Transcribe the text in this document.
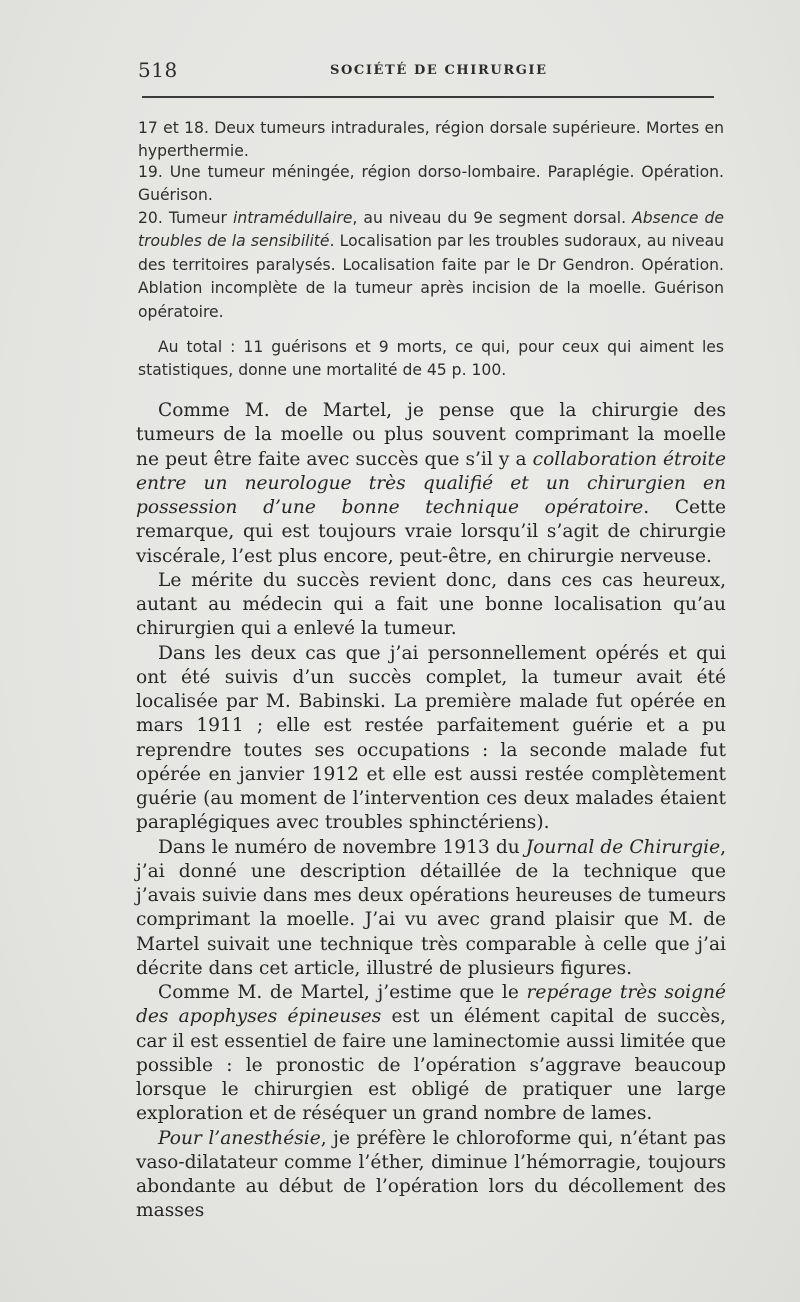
518	SOCIÉTÉ DE CHIRURGIE

17 et 18. Deux tumeurs intradurales, région dorsale supérieure. Mortes en hyperthermie.

19. Une tumeur méningée, région dorso-lombaire. Paraplégie. Opération. Guérison.

20. Tumeur intramédullaire, au niveau du 9e segment dorsal. Absence de troubles de la sensibilité. Localisation par les troubles sudoraux, au niveau des territoires paralysés. Localisation faite par le Dr Gendron. Opération. Ablation incomplète de la tumeur après incision de la moelle. Guérison opératoire.

Au total : 11 guérisons et 9 morts, ce qui, pour ceux qui aiment les statistiques, donne une mortalité de 45 p. 100.

Comme M. de Martel, je pense que la chirurgie des tumeurs de la moelle ou plus souvent comprimant la moelle ne peut être faite avec succès que s’il y a collaboration étroite entre un neurologue très qualifié et un chirurgien en possession d’une bonne technique opératoire. Cette remarque, qui est toujours vraie lorsqu’il s’agit de chirurgie viscérale, l’est plus encore, peut-être, en chirurgie nerveuse.

Le mérite du succès revient donc, dans ces cas heureux, autant au médecin qui a fait une bonne localisation qu’au chirurgien qui a enlevé la tumeur.

Dans les deux cas que j’ai personnellement opérés et qui ont été suivis d’un succès complet, la tumeur avait été localisée par M. Babinski. La première malade fut opérée en mars 1911 ; elle est restée parfaitement guérie et a pu reprendre toutes ses occupations : la seconde malade fut opérée en janvier 1912 et elle est aussi restée complètement guérie (au moment de l’intervention ces deux malades étaient paraplégiques avec troubles sphinctériens).

Dans le numéro de novembre 1913 du Journal de Chirurgie, j’ai donné une description détaillée de la technique que j’avais suivie dans mes deux opérations heureuses de tumeurs comprimant la moelle. J’ai vu avec grand plaisir que M. de Martel suivait une technique très comparable à celle que j’ai décrite dans cet article, illustré de plusieurs figures.

Comme M. de Martel, j’estime que le repérage très soigné des apophyses épineuses est un élément capital de succès, car il est essentiel de faire une laminectomie aussi limitée que possible : le pronostic de l’opération s’aggrave beaucoup lorsque le chirurgien est obligé de pratiquer une large exploration et de réséquer un grand nombre de lames.

Pour l’anesthésie, je préfère le chloroforme qui, n’étant pas vaso-dilatateur comme l’éther, diminue l’hémorragie, toujours abondante au début de l’opération lors du décollement des masses
